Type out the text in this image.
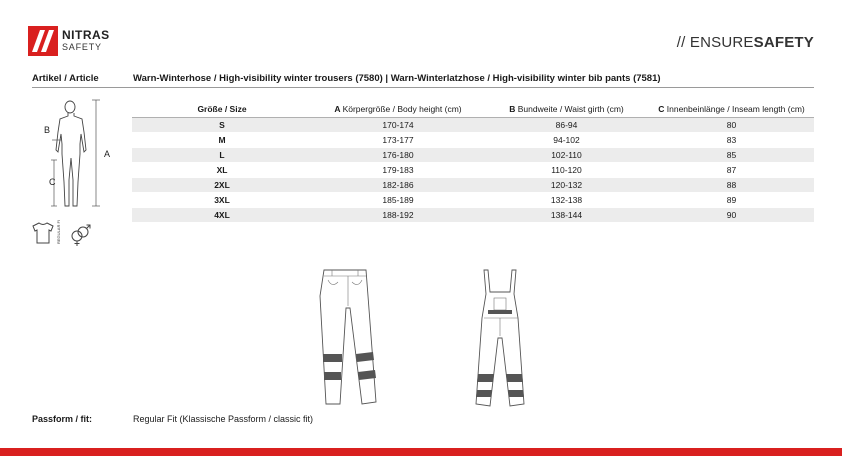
NITRAS
SAFETY	// ENSURESAFETY
Artikel / Article	Warn-Winterhose / High-visibility winter trousers (7580) | Warn-Winterlatzhose / High-visibility winter bib pants (7581)
A
B
C
REGULAR FIT
Größe / Size	A Körpergröße / Body height (cm)	B Bundweite / Waist girth (cm)	C Innenbeinlänge / Inseam length (cm)
S	170-174	86-94	80
M	173-177	94-102	83
L	176-180	102-110	85
XL	179-183	110-120	87
2XL	182-186	120-132	88
3XL	185-189	132-138	89
4XL	188-192	138-144	90
Passform / fit:	Regular Fit (Klassische Passform / classic fit)
